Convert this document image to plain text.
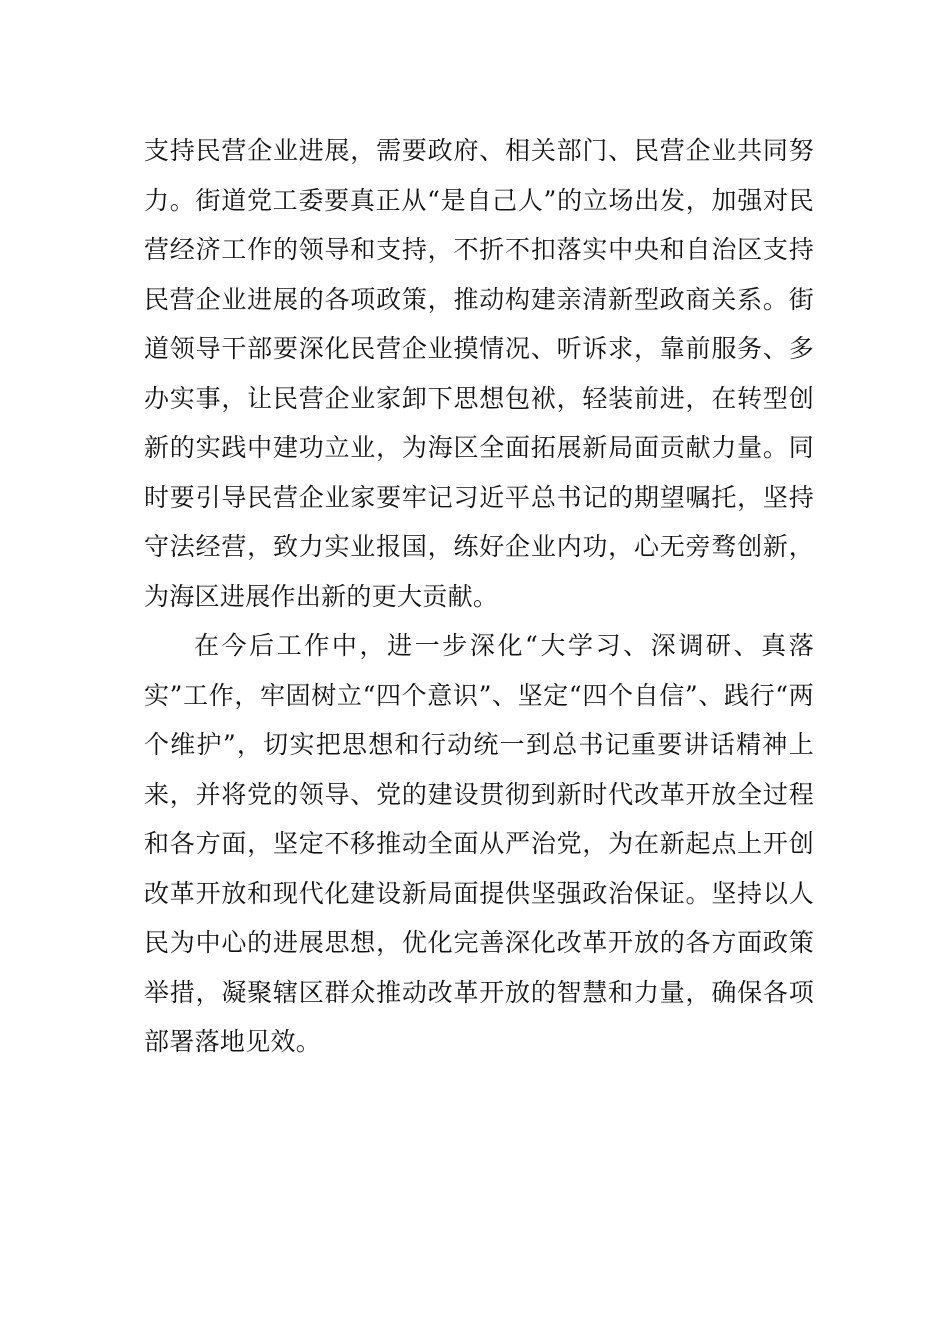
支持民营企业进展，需要政府、相关部门、民营企业共同努力。街道党工委要真正从“是自己人”的立场出发，加强对民营经济工作的领导和支持，不折不扣落实中央和自治区支持民营企业进展的各项政策，推动构建亲清新型政商关系。街道领导干部要深化民营企业摸情况、听诉求，靠前服务、多办实事，让民营企业家卸下思想包袱，轻装前进，在转型创新的实践中建功立业，为海区全面拓展新局面贡献力量。同时要引导民营企业家要牢记习近平总书记的期望嘱托，坚持守法经营，致力实业报国，练好企业内功，心无旁骛创新，为海区进展作出新的更大贡献。

在今后工作中，进一步深化“大学习、深调研、真落实”工作，牢固树立“四个意识”、坚定“四个自信”、践行“两个维护”，切实把思想和行动统一到总书记重要讲话精神上来，并将党的领导、党的建设贯彻到新时代改革开放全过程和各方面，坚定不移推动全面从严治党，为在新起点上开创改革开放和现代化建设新局面提供坚强政治保证。坚持以人民为中心的进展思想，优化完善深化改革开放的各方面政策举措，凝聚辖区群众推动改革开放的智慧和力量，确保各项部署落地见效。
